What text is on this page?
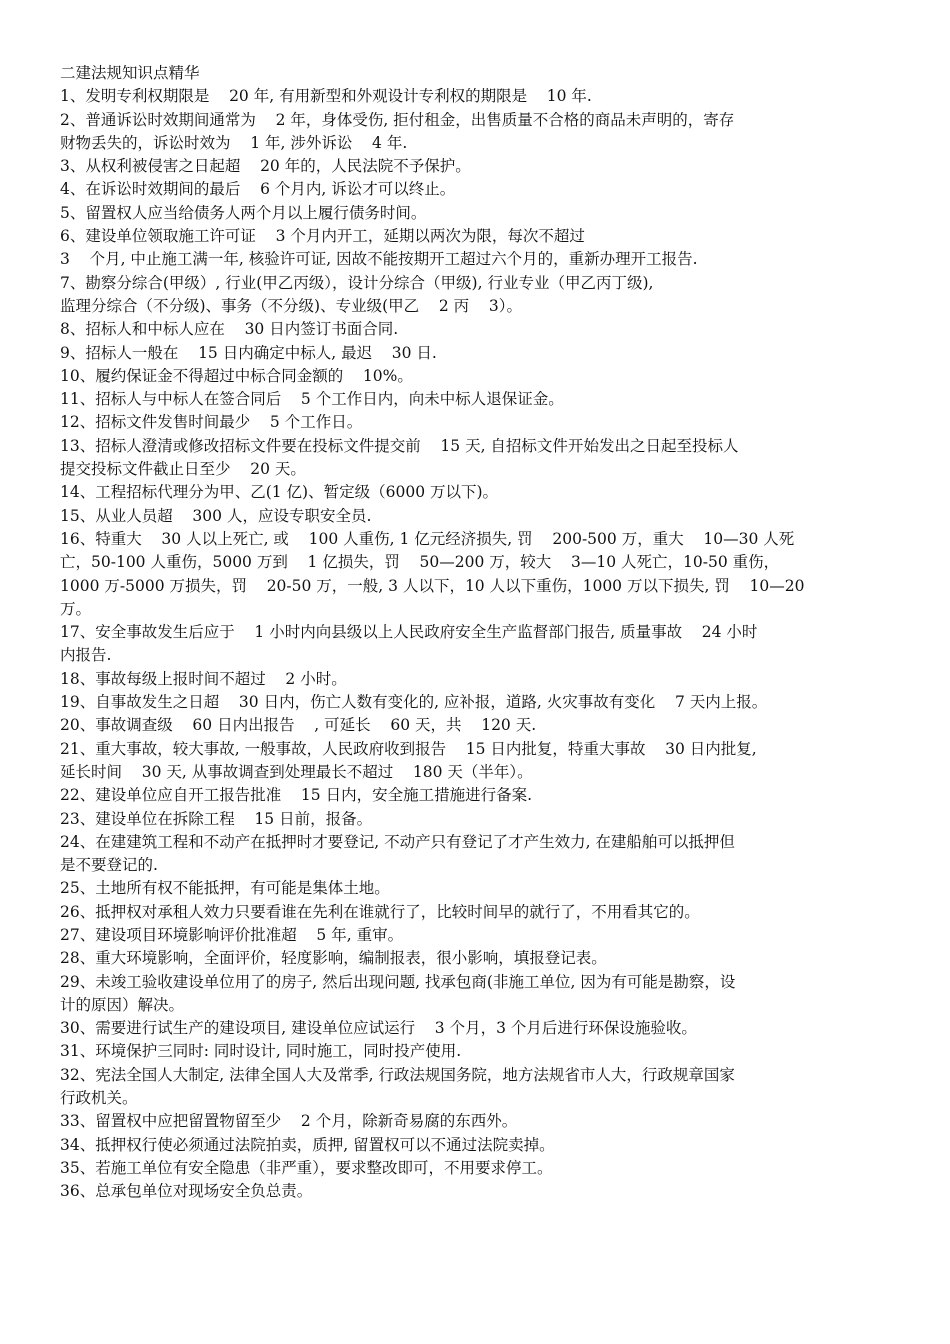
二建法规知识点精华
1、发明专利权期限是    20 年, 有用新型和外观设计专利权的期限是    10 年.
2、普通诉讼时效期间通常为    2 年，身体受伤, 拒付租金，出售质量不合格的商品未声明的，寄存
财物丢失的，诉讼时效为    1 年, 涉外诉讼    4 年.
3、从权利被侵害之日起超    20 年的，人民法院不予保护。
4、在诉讼时效期间的最后    6 个月内, 诉讼才可以终止。
5、留置权人应当给债务人两个月以上履行债务时间。
6、建设单位领取施工许可证    3 个月内开工，延期以两次为限，每次不超过
3    个月, 中止施工满一年, 核验许可证, 因故不能按期开工超过六个月的，重新办理开工报告.
7、勘察分综合(甲级）, 行业(甲乙丙级），设计分综合（甲级), 行业专业（甲乙丙丁级),
监理分综合（不分级)、事务（不分级)、专业级(甲乙    2 丙    3）。
8、招标人和中标人应在    30 日内签订书面合同.
9、招标人一般在    15 日内确定中标人, 最迟    30 日.
10、履约保证金不得超过中标合同金额的    10%。
11、招标人与中标人在签合同后    5 个工作日内，向未中标人退保证金。
12、招标文件发售时间最少    5 个工作日。
13、招标人澄清或修改招标文件要在投标文件提交前    15 天, 自招标文件开始发出之日起至投标人
提交投标文件截止日至少    20 天。
14、工程招标代理分为甲、乙(1 亿)、暂定级（6000 万以下)。
15、从业人员超    300 人，应设专职安全员.
16、特重大    30 人以上死亡, 或    100 人重伤, 1 亿元经济损失, 罚    200-500 万，重大    10—30 人死
亡，50-100 人重伤，5000 万到    1 亿损失，罚    50—200 万，较大    3—10 人死亡，10-50 重伤，
1000 万-5000 万损失，罚    20-50 万，一般, 3 人以下，10 人以下重伤，1000 万以下损失, 罚    10—20
万。
17、安全事故发生后应于    1 小时内向县级以上人民政府安全生产监督部门报告, 质量事故    24 小时
内报告.
18、事故每级上报时间不超过    2 小时。
19、自事故发生之日超    30 日内，伤亡人数有变化的, 应补报，道路, 火灾事故有变化    7 天内上报。
20、事故调查级    60 日内出报告    , 可延长    60 天，共    120 天.
21、重大事故，较大事故, 一般事故，人民政府收到报告    15 日内批复，特重大事故    30 日内批复,
延长时间    30 天, 从事故调查到处理最长不超过    180 天（半年）。
22、建设单位应自开工报告批准    15 日内，安全施工措施进行备案.
23、建设单位在拆除工程    15 日前，报备。
24、在建建筑工程和不动产在抵押时才要登记, 不动产只有登记了才产生效力, 在建船舶可以抵押但
是不要登记的.
25、土地所有权不能抵押，有可能是集体土地。
26、抵押权对承租人效力只要看谁在先利在谁就行了，比较时间早的就行了，不用看其它的。
27、建设项目环境影响评价批准超    5 年, 重审。
28、重大环境影响，全面评价，轻度影响，编制报表，很小影响，填报登记表。
29、未竣工验收建设单位用了的房子, 然后出现问题, 找承包商(非施工单位, 因为有可能是勘察，设
计的原因）解决。
30、需要进行试生产的建设项目, 建设单位应试运行    3 个月，3 个月后进行环保设施验收。
31、环境保护三同时: 同时设计, 同时施工，同时投产使用.
32、宪法全国人大制定, 法律全国人大及常季, 行政法规国务院，地方法规省市人大，行政规章国家
行政机关。
33、留置权中应把留置物留至少    2 个月，除新奇易腐的东西外。
34、抵押权行使必须通过法院拍卖，质押, 留置权可以不通过法院卖掉。
35、若施工单位有安全隐患（非严重），要求整改即可，不用要求停工。
36、总承包单位对现场安全负总责。
